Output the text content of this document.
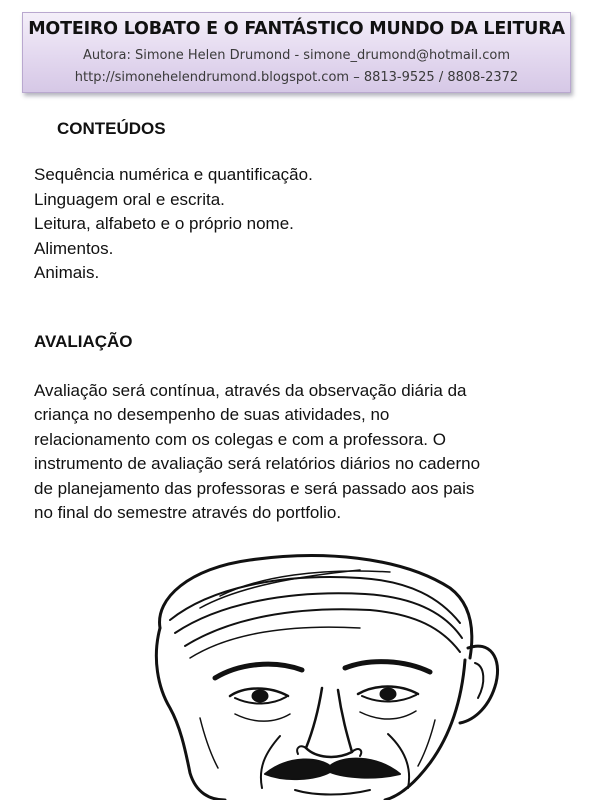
MOTEIRO LOBATO E O FANTÁSTICO MUNDO DA LEITURA
Autora: Simone Helen Drumond - simone_drumond@hotmail.com
http://simonehelendrumond.blogspot.com – 8813-9525 / 8808-2372
CONTEÚDOS
Sequência numérica e quantificação.
Linguagem oral e escrita.
Leitura, alfabeto e o próprio nome.
Alimentos.
Animais.
AVALIAÇÃO

Avaliação será contínua, através da observação diária da
criança no desempenho de suas atividades, no
relacionamento com os colegas e com a professora. O
instrumento de avaliação será relatórios diários no caderno
de planejamento das professoras e será passado aos pais
no final do semestre através do portfolio.
